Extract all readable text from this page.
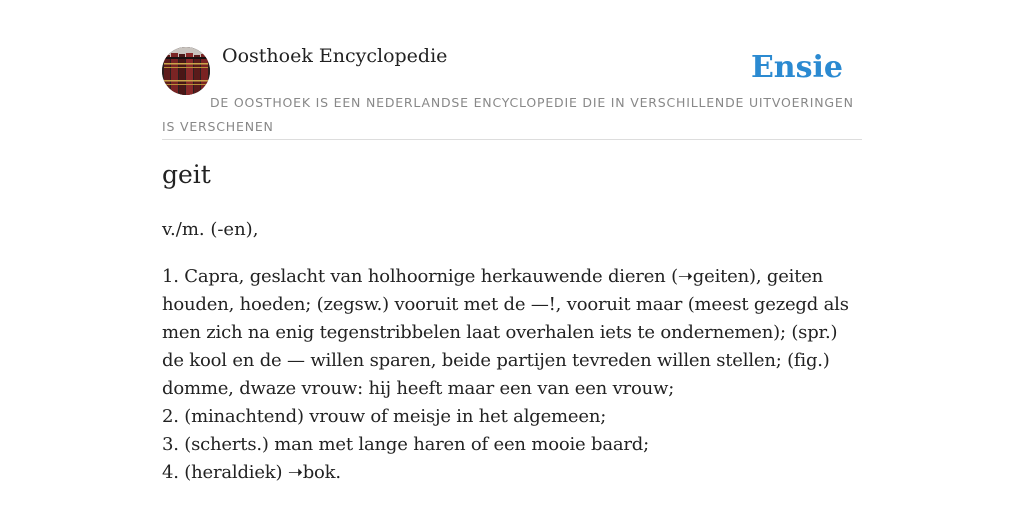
Oosthoek Encyclopedie	Ensie
DE OOSTHOEK IS EEN NEDERLANDSE ENCYCLOPEDIE DIE IN VERSCHILLENDE UITVOERINGEN IS VERSCHENEN
geit

v./m. (-en),

1. Capra, geslacht van holhoornige herkauwende dieren (➝geiten), geiten houden, hoeden; (zegsw.) vooruit met de —!, vooruit maar (meest gezegd als men zich na enig tegenstribbelen laat overhalen iets te ondernemen); (spr.) de kool en de — willen sparen, beide partijen tevreden willen stellen; (fig.) domme, dwaze vrouw: hij heeft maar een van een vrouw;
2. (minachtend) vrouw of meisje in het algemeen;
3. (scherts.) man met lange haren of een mooie baard;
4. (heraldiek) ➝bok.
